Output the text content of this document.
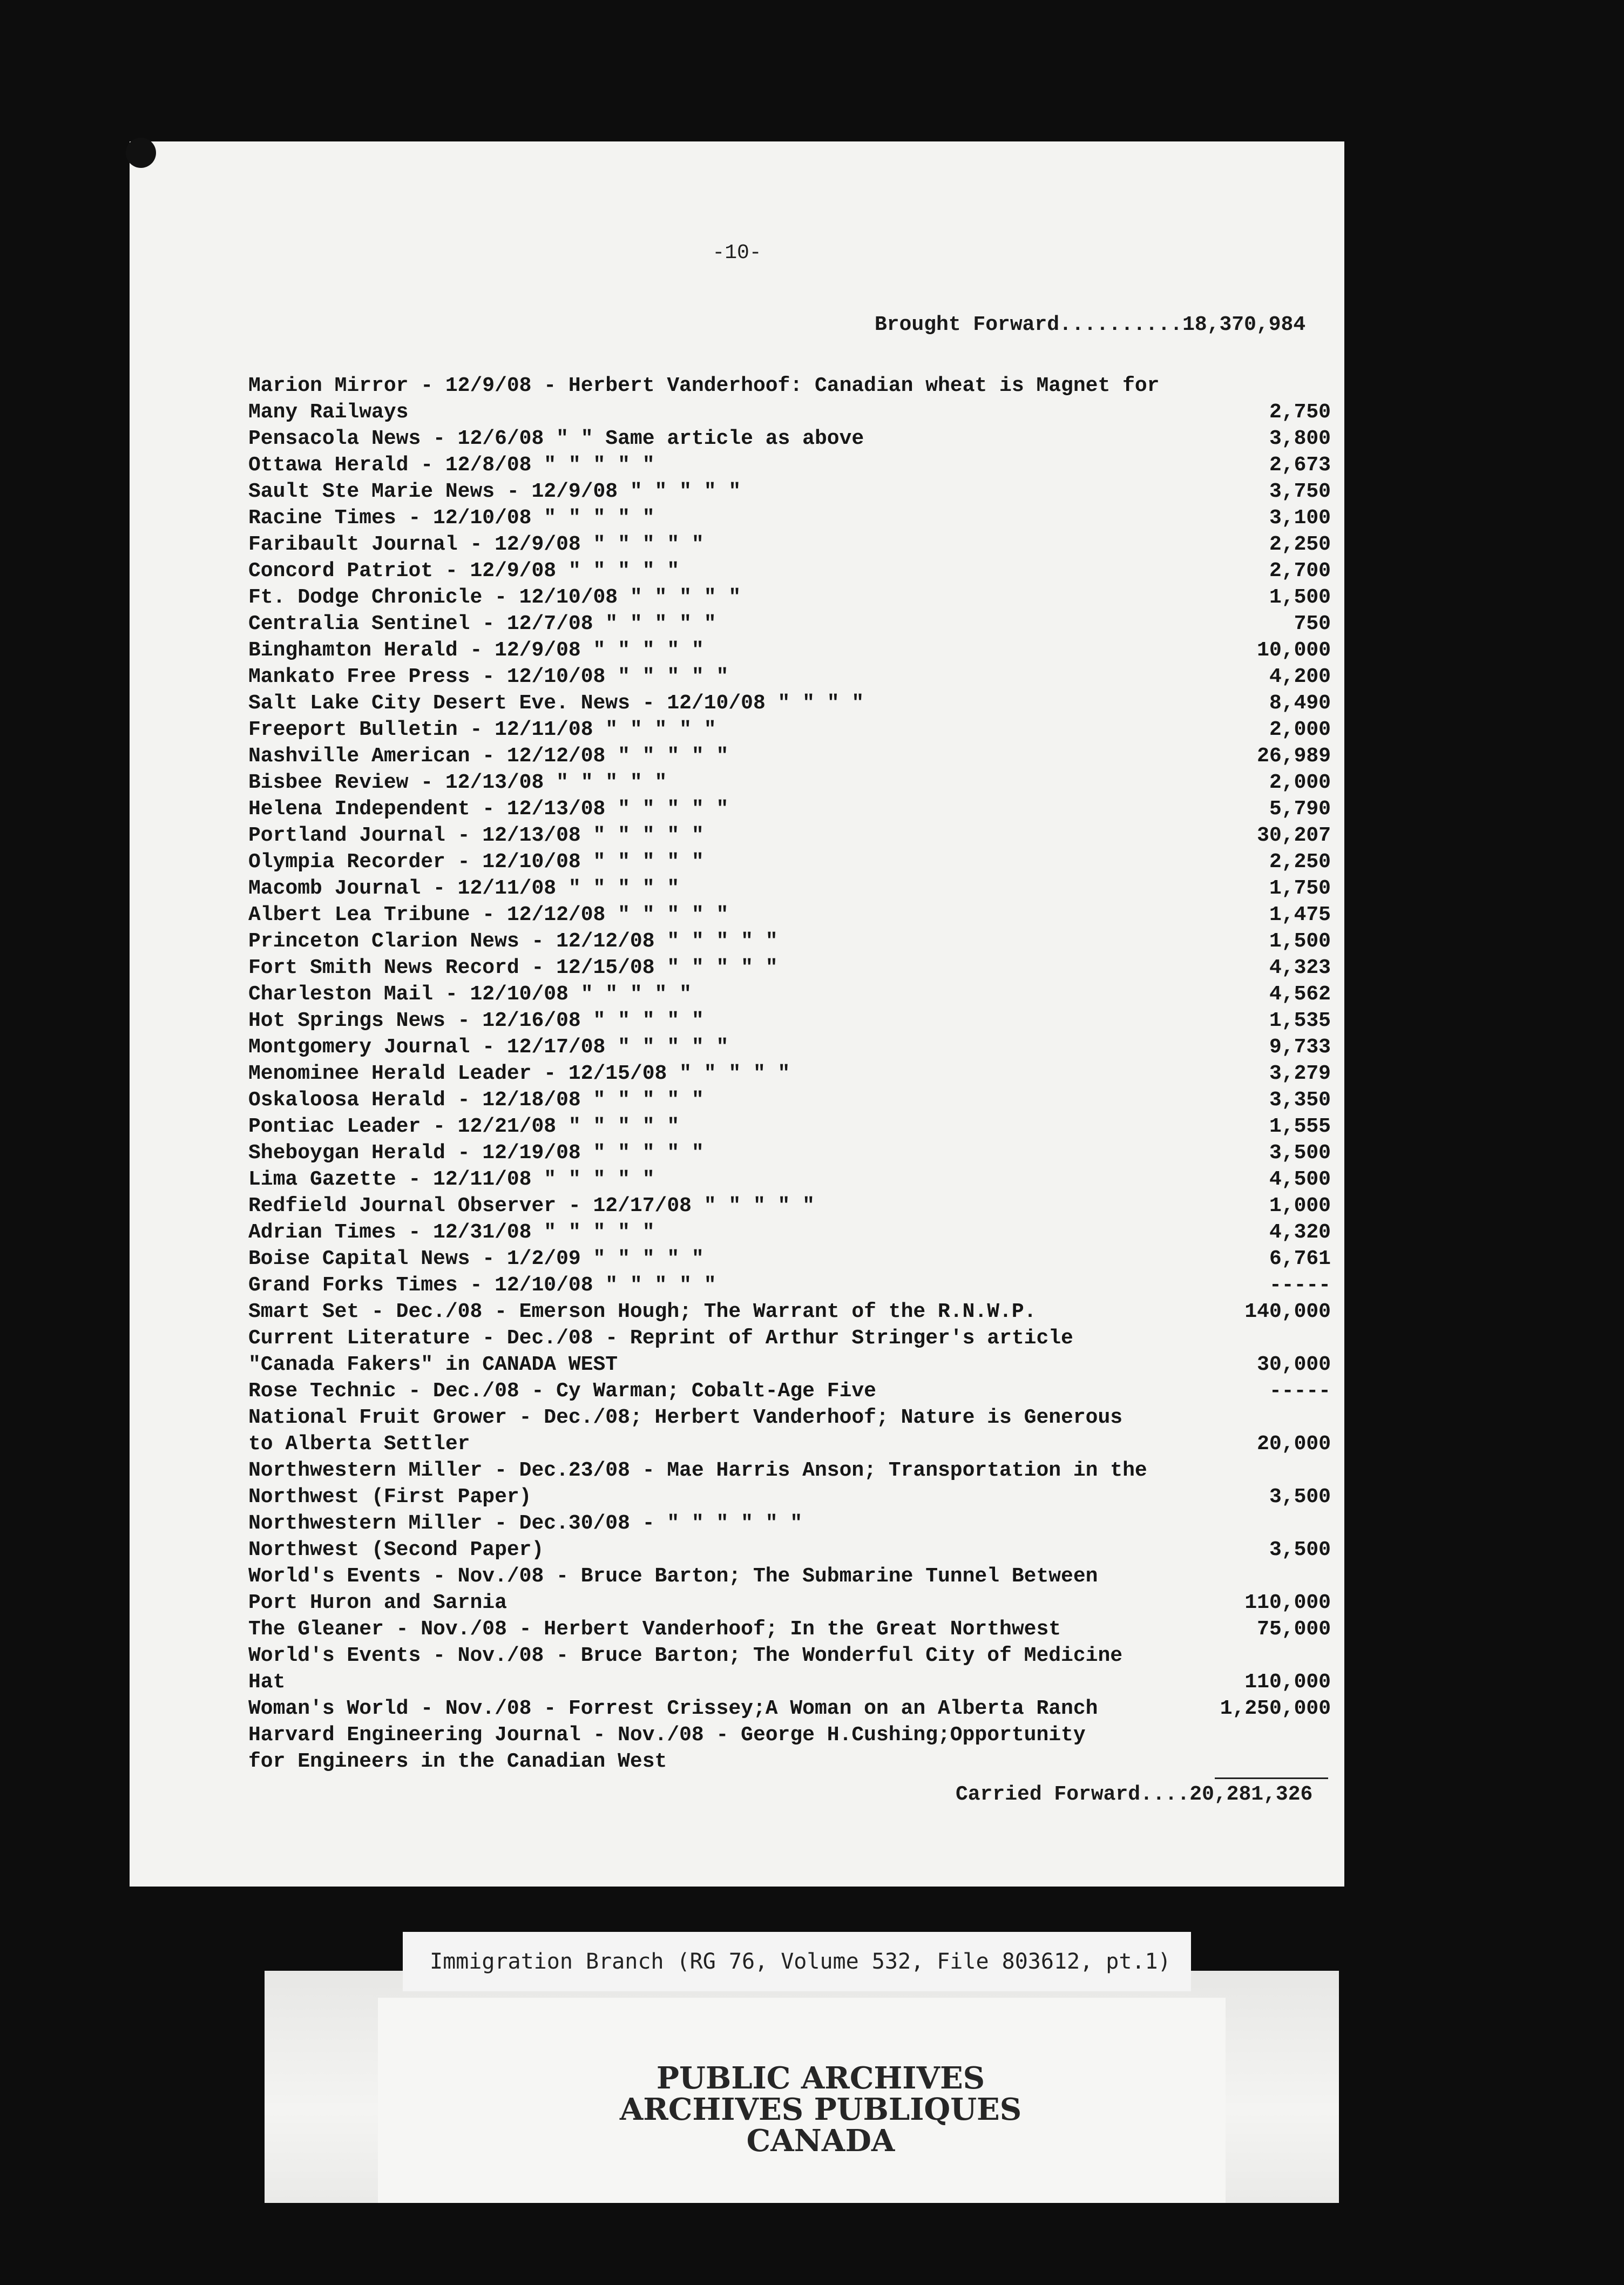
-10-
Brought Forward..........18,370,984
Marion Mirror - 12/9/08 - Herbert Vanderhoof: Canadian wheat is Magnet for
Many Railways	2,750
Pensacola News - 12/6/08 " " Same article as above	3,800
Ottawa Herald - 12/8/08 " " " " "	2,673
Sault Ste Marie News - 12/9/08 " " " " "	3,750
Racine Times - 12/10/08 " " " " "	3,100
Faribault Journal - 12/9/08 " " " " "	2,250
Concord Patriot - 12/9/08 " " " " "	2,700
Ft. Dodge Chronicle - 12/10/08 " " " " "	1,500
Centralia Sentinel - 12/7/08 " " " " "	750
Binghamton Herald - 12/9/08 " " " " "	10,000
Mankato Free Press - 12/10/08 " " " " "	4,200
Salt Lake City Desert Eve. News - 12/10/08 " " " "	8,490
Freeport Bulletin - 12/11/08 " " " " "	2,000
Nashville American - 12/12/08 " " " " "	26,989
Bisbee Review - 12/13/08 " " " " "	2,000
Helena Independent - 12/13/08 " " " " "	5,790
Portland Journal - 12/13/08 " " " " "	30,207
Olympia Recorder - 12/10/08 " " " " "	2,250
Macomb Journal - 12/11/08 " " " " "	1,750
Albert Lea Tribune - 12/12/08 " " " " "	1,475
Princeton Clarion News - 12/12/08 " " " " "	1,500
Fort Smith News Record - 12/15/08 " " " " "	4,323
Charleston Mail - 12/10/08 " " " " "	4,562
Hot Springs News - 12/16/08 " " " " "	1,535
Montgomery Journal - 12/17/08 " " " " "	9,733
Menominee Herald Leader - 12/15/08 " " " " "	3,279
Oskaloosa Herald - 12/18/08 " " " " "	3,350
Pontiac Leader - 12/21/08 " " " " "	1,555
Sheboygan Herald - 12/19/08 " " " " "	3,500
Lima Gazette - 12/11/08 " " " " "	4,500
Redfield Journal Observer - 12/17/08 " " " " "	1,000
Adrian Times - 12/31/08 " " " " "	4,320
Boise Capital News - 1/2/09 " " " " "	6,761
Grand Forks Times - 12/10/08 " " " " "	-----
Smart Set - Dec./08 - Emerson Hough; The Warrant of the R.N.W.P.	140,000
Current Literature - Dec./08 - Reprint of Arthur Stringer's article
"Canada Fakers" in CANADA WEST	30,000
Rose Technic - Dec./08 - Cy Warman; Cobalt-Age Five	-----
National Fruit Grower - Dec./08; Herbert Vanderhoof; Nature is Generous
to Alberta Settler	20,000
Northwestern Miller - Dec.23/08 - Mae Harris Anson; Transportation in the
Northwest (First Paper)	3,500
Northwestern Miller - Dec.30/08 - " " " " " "
Northwest (Second Paper)	3,500
World's Events - Nov./08 - Bruce Barton; The Submarine Tunnel Between
Port Huron and Sarnia	110,000
The Gleaner - Nov./08 - Herbert Vanderhoof; In the Great Northwest	75,000
World's Events - Nov./08 - Bruce Barton; The Wonderful City of Medicine
Hat	110,000
Woman's World - Nov./08 - Forrest Crissey;A Woman on an Alberta Ranch	1,250,000
Harvard Engineering Journal - Nov./08 - George H.Cushing;Opportunity
for Engineers in the Canadian West
Carried Forward....20,281,326
Immigration Branch (RG 76, Volume 532, File 803612, pt.1)
PUBLIC ARCHIVES
ARCHIVES PUBLIQUES
CANADA
